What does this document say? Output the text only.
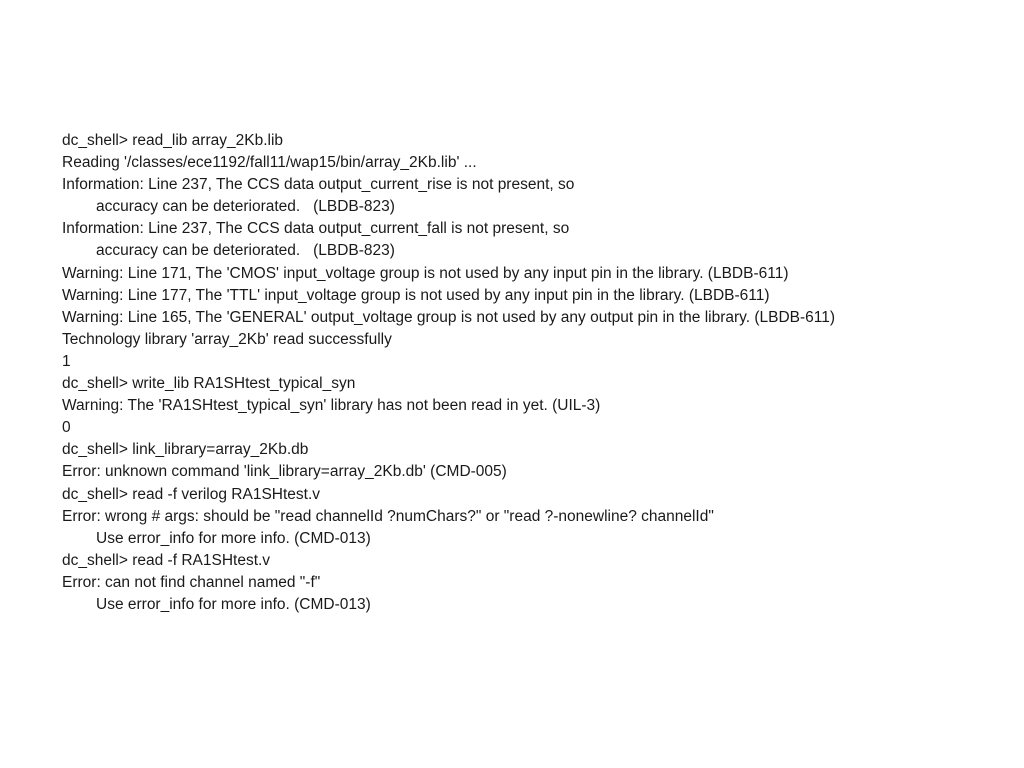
dc_shell> read_lib array_2Kb.lib
Reading '/classes/ece1192/fall11/wap15/bin/array_2Kb.lib' ...
Information: Line 237, The CCS data output_current_rise is not present, so
accuracy can be deteriorated.   (LBDB-823)
Information: Line 237, The CCS data output_current_fall is not present, so
accuracy can be deteriorated.   (LBDB-823)
Warning: Line 171, The 'CMOS' input_voltage group is not used by any input pin in the library. (LBDB-611)
Warning: Line 177, The 'TTL' input_voltage group is not used by any input pin in the library. (LBDB-611)
Warning: Line 165, The 'GENERAL' output_voltage group is not used by any output pin in the library. (LBDB-611)
Technology library 'array_2Kb' read successfully
1
dc_shell> write_lib RA1SHtest_typical_syn
Warning: The 'RA1SHtest_typical_syn' library has not been read in yet. (UIL-3)
0
dc_shell> link_library=array_2Kb.db
Error: unknown command 'link_library=array_2Kb.db' (CMD-005)
dc_shell> read -f verilog RA1SHtest.v
Error: wrong # args: should be "read channelId ?numChars?" or "read ?-nonewline? channelId"
Use error_info for more info. (CMD-013)
dc_shell> read -f RA1SHtest.v
Error: can not find channel named "-f"
Use error_info for more info. (CMD-013)
